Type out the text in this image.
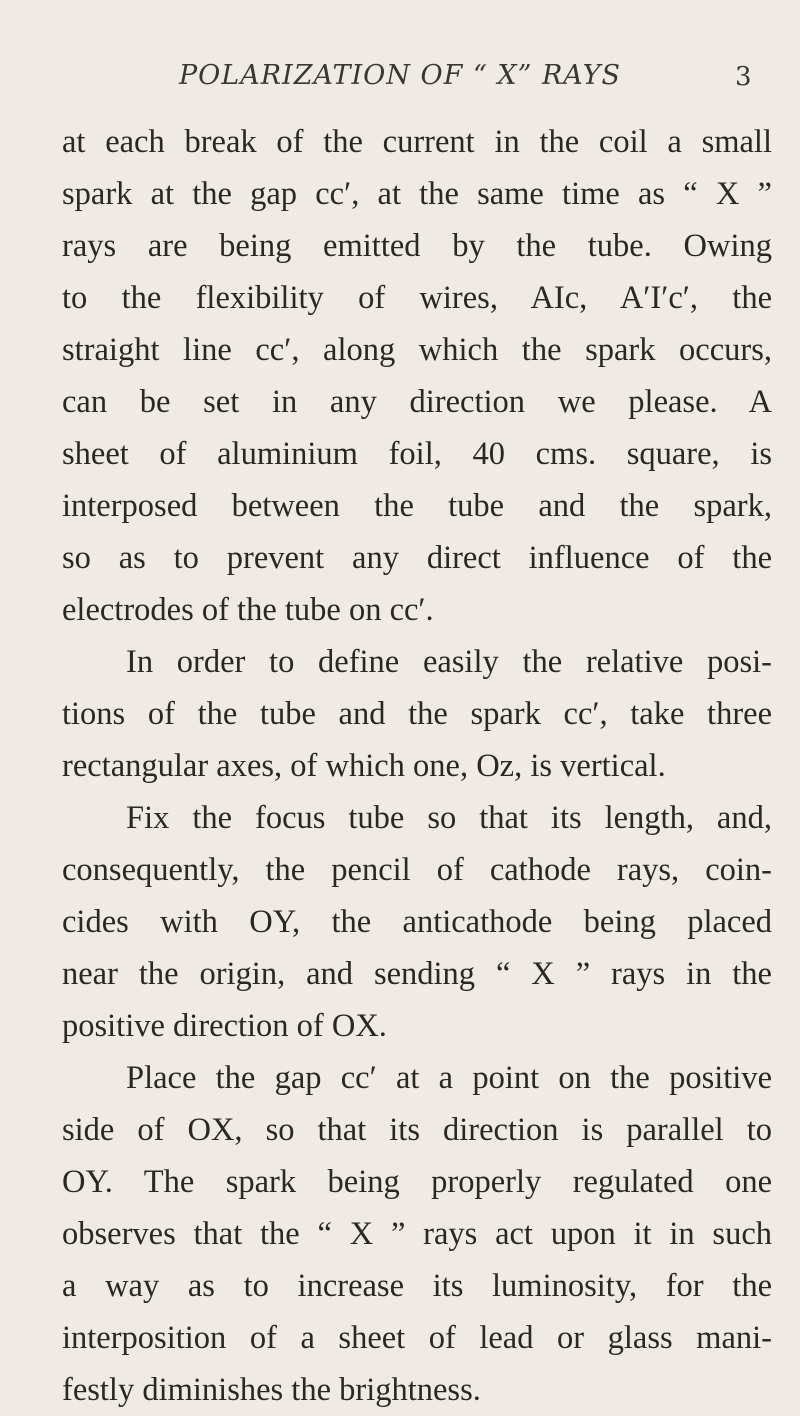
POLARIZATION OF “ X” RAYS	3
at each break of the current in the coil a small
spark at the gap cc′, at the same time as “ X ”
rays are being emitted by the tube. Owing
to the flexibility of wires, AIc, A′I′c′, the
straight line cc′, along which the spark occurs,
can be set in any direction we please. A
sheet of aluminium foil, 40 cms. square, is
interposed between the tube and the spark,
so as to prevent any direct influence of the
electrodes of the tube on cc′.
In order to define easily the relative posi-
tions of the tube and the spark cc′, take three
rectangular axes, of which one, Oz, is vertical.
Fix the focus tube so that its length, and,
consequently, the pencil of cathode rays, coin-
cides with OY, the anticathode being placed
near the origin, and sending “ X ” rays in the
positive direction of OX.
Place the gap cc′ at a point on the positive
side of OX, so that its direction is parallel to
OY. The spark being properly regulated one
observes that the “ X ” rays act upon it in such
a way as to increase its luminosity, for the
interposition of a sheet of lead or glass mani-
festly diminishes the brightness.
